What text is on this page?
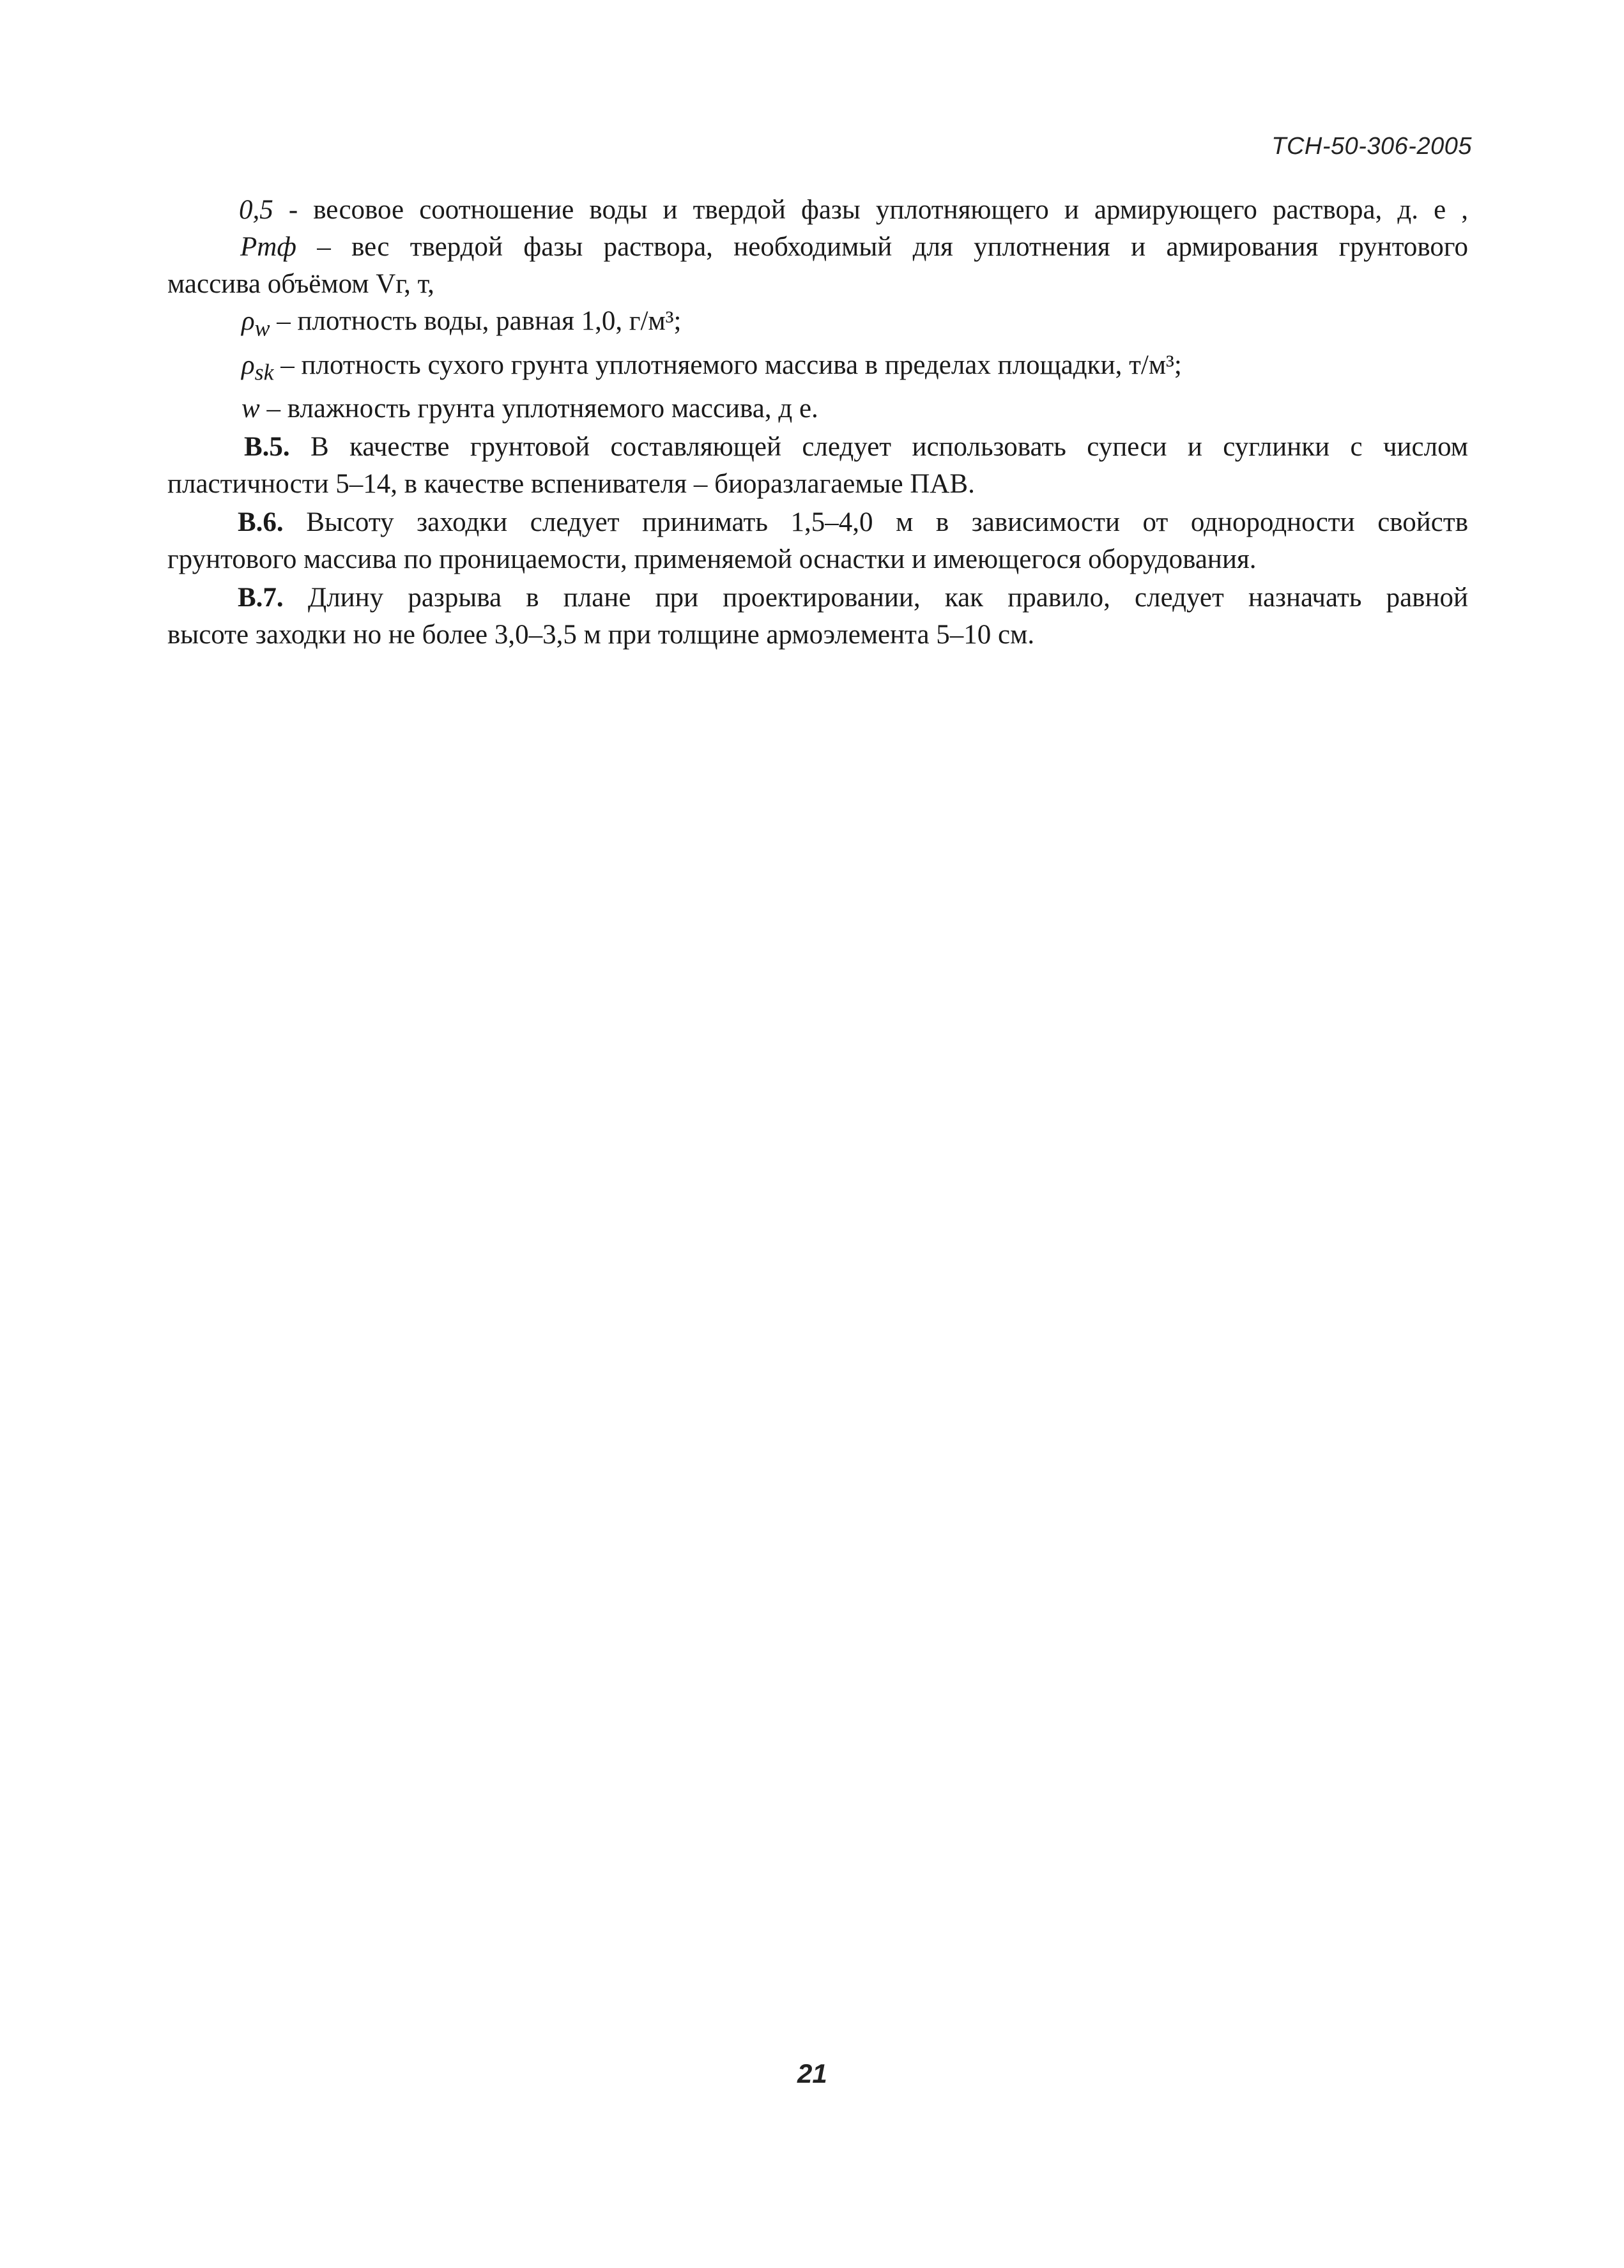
ТСН-50-306-2005
0,5 - весовое соотношение воды и твердой фазы уплотняющего и армирующего раствора, д. е ,
Ртф – вес твердой фазы раствора, необходимый для уплотнения и армирования грунтового
массива объёмом Vг, т,
$\rho_w$ – плотность воды, равная 1,0, г/м³;
$\rho_{sk}$ – плотность сухого грунта уплотняемого массива в пределах площадки, т/м³;
w – влажность грунта уплотняемого массива, д е.
В.5. В качестве грунтовой составляющей следует использовать супеси и суглинки с числом
пластичности 5–14, в качестве вспенивателя – биоразлагаемые ПАВ.
В.6. Высоту заходки следует принимать 1,5–4,0 м в зависимости от однородности свойств
грунтового массива по проницаемости, применяемой оснастки и имеющегося оборудования.
В.7. Длину разрыва в плане при проектировании, как правило, следует назначать равной
высоте заходки но не более 3,0–3,5 м при толщине армоэлемента 5–10 см.
21
